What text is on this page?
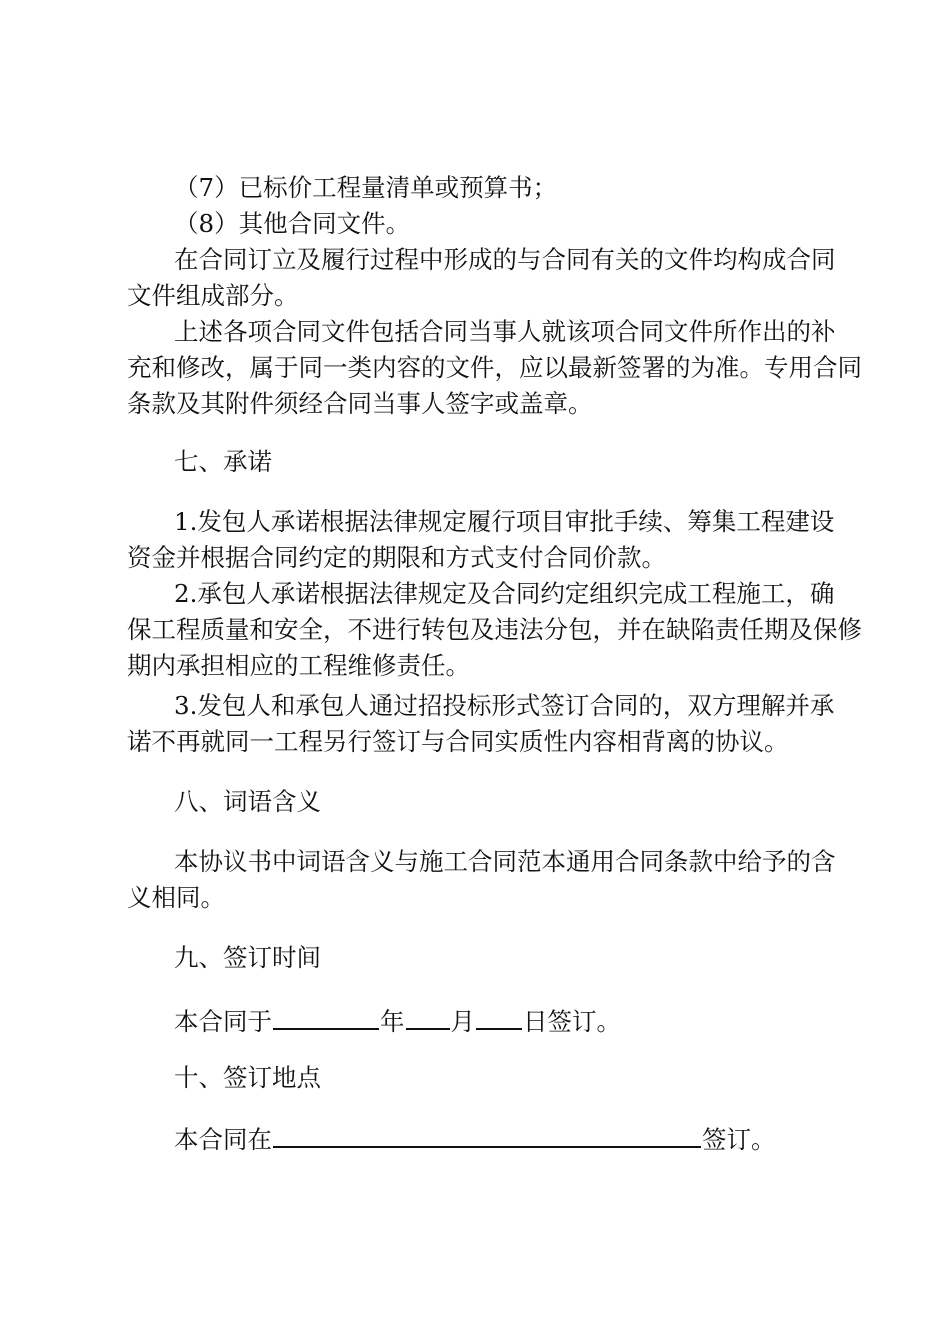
（7）已标价工程量清单或预算书；
（8）其他合同文件。
在合同订立及履行过程中形成的与合同有关的文件均构成合同
文件组成部分。
上述各项合同文件包括合同当事人就该项合同文件所作出的补
充和修改，属于同一类内容的文件，应以最新签署的为准。专用合同
条款及其附件须经合同当事人签字或盖章。
七、承诺
1.发包人承诺根据法律规定履行项目审批手续、筹集工程建设
资金并根据合同约定的期限和方式支付合同价款。
2.承包人承诺根据法律规定及合同约定组织完成工程施工，确
保工程质量和安全，不进行转包及违法分包，并在缺陷责任期及保修
期内承担相应的工程维修责任。
3.发包人和承包人通过招投标形式签订合同的，双方理解并承
诺不再就同一工程另行签订与合同实质性内容相背离的协议。
八、词语含义
本协议书中词语含义与施工合同范本通用合同条款中给予的含
义相同。
九、签订时间
本合同于	年 月 日签订。
十、签订地点
本合同在	签订。
